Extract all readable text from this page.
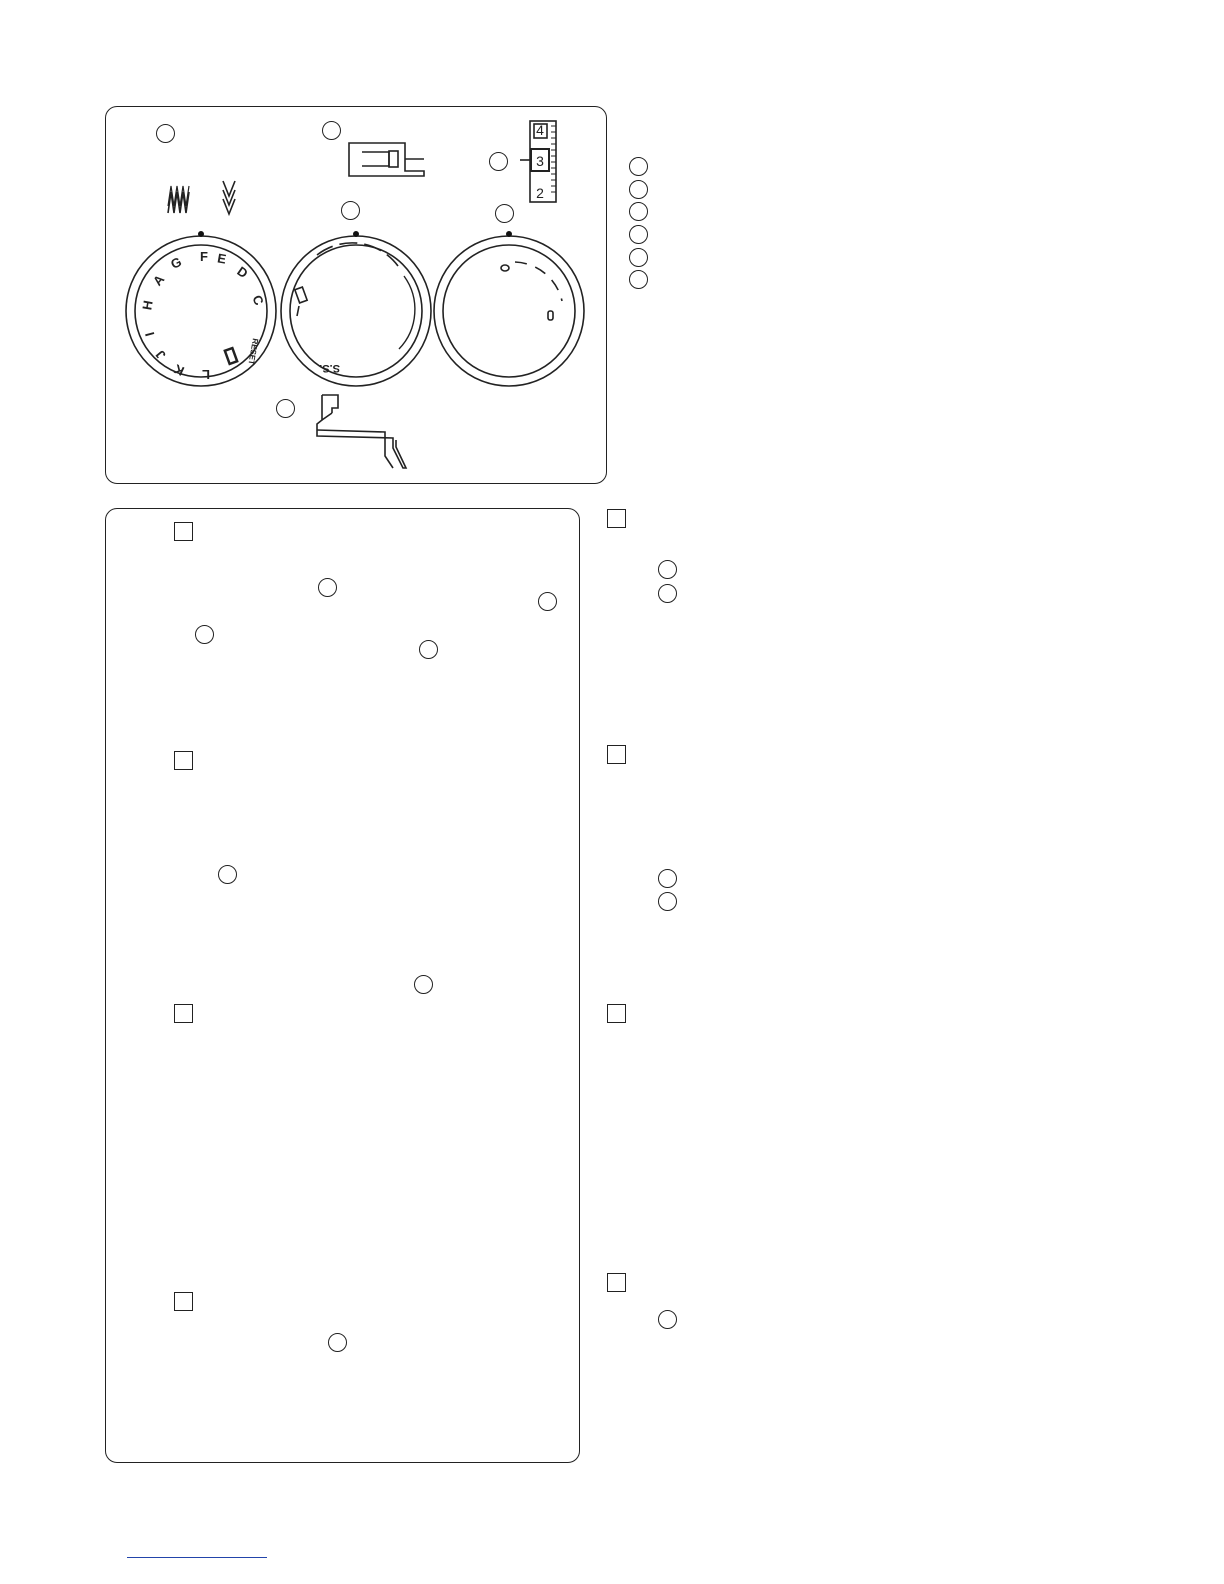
G F E
D
C
A
H
I
J
K L
RESET
S.S.
4
3
2
